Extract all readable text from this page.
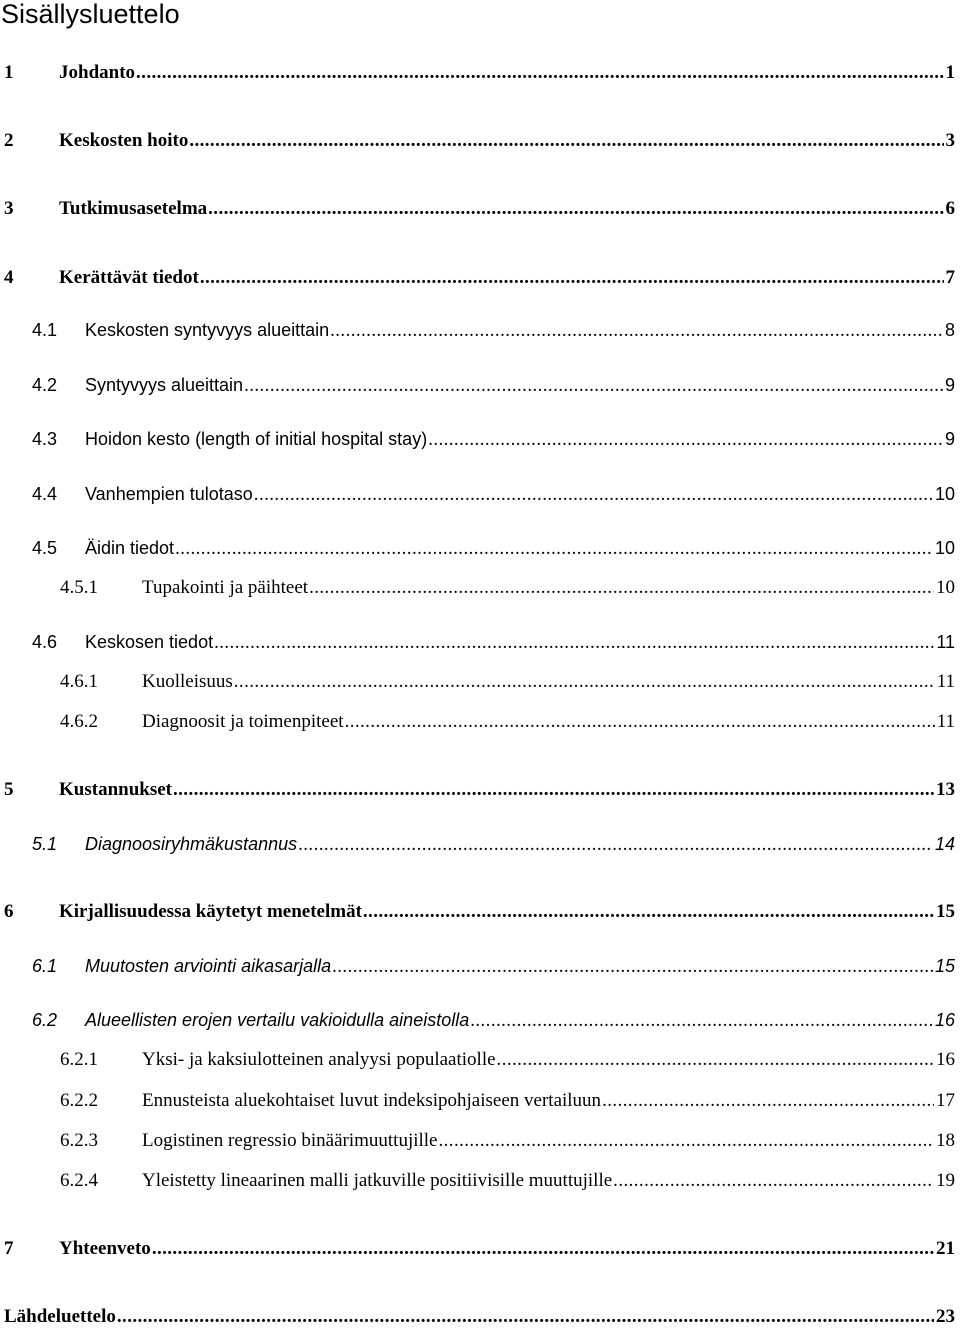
Sisällysluettelo
1	Johdanto .....	1
2	Keskosten hoito .....	3
3	Tutkimusasetelma .....	6
4	Kerättävät tiedot .....	7
4.1	Keskosten syntyvyys alueittain .....	8
4.2	Syntyvyys alueittain .....	9
4.3	Hoidon kesto (length of initial hospital stay) .....	9
4.4	Vanhempien tulotaso .....	10
4.5	Äidin tiedot .....	10
4.5.1	Tupakointi ja päihteet .....	10
4.6	Keskosen tiedot .....	11
4.6.1	Kuolleisuus .....	11
4.6.2	Diagnoosit ja toimenpiteet .....	11
5	Kustannukset .....	13
5.1	Diagnoosiryhmäkustannus .....	14
6	Kirjallisuudessa käytetyt menetelmät .....	15
6.1	Muutosten arviointi aikasarjalla .....	15
6.2	Alueellisten erojen vertailu vakioidulla aineistolla .....	16
6.2.1	Yksi- ja kaksiulotteinen analyysi populaatiolle .....	16
6.2.2	Ennusteista aluekohtaiset luvut indeksipohjaiseen vertailuun .....	17
6.2.3	Logistinen regressio binäärimuuttujille .....	18
6.2.4	Yleistetty lineaarinen malli jatkuville positiivisille muuttujille .....	19
7	Yhteenveto .....	21
Lähdeluettelo .....	23
